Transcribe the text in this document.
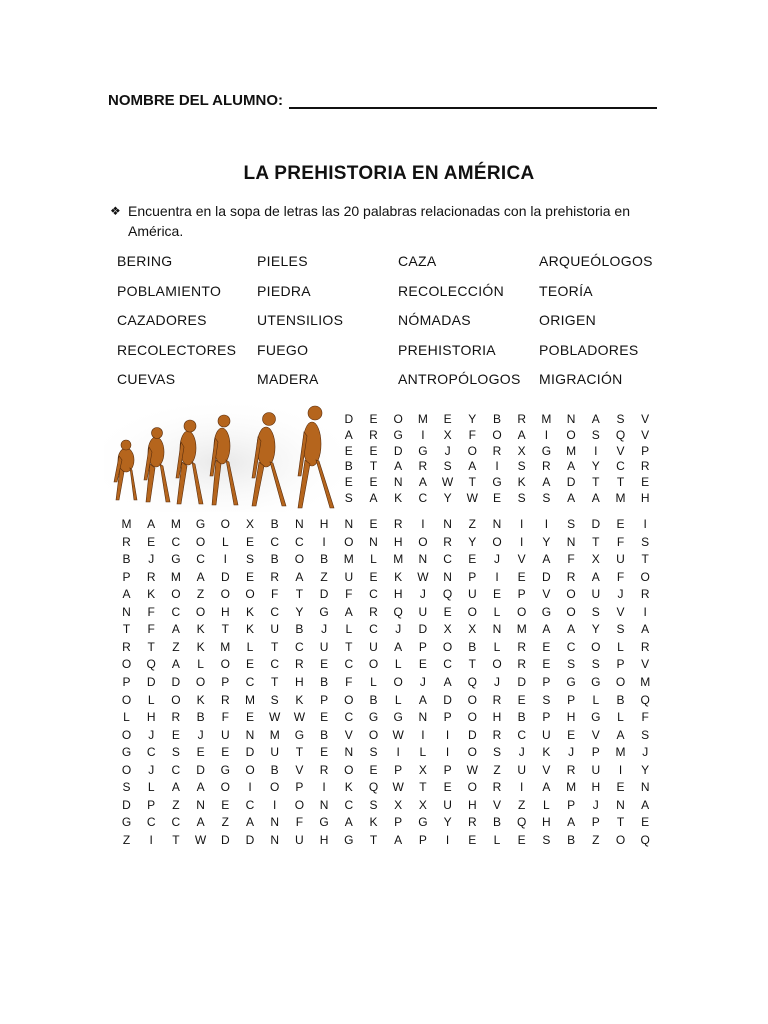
NOMBRE DEL ALUMNO:
LA PREHISTORIA EN AMÉRICA
❖ Encuentra en la sopa de letras las 20 palabras relacionadas con la prehistoria en América.
BERING	PIELES	CAZA	ARQUEÓLOGOS
POBLAMIENTO	PIEDRA	RECOLECCIÓN	TEORÍA
CAZADORES	UTENSILIOS	NÓMADAS	ORIGEN
RECOLECTORES	FUEGO	PREHISTORIA	POBLADORES
CUEVAS	MADERA	ANTROPÓLOGOS	MIGRACIÓN
D	E	O	M	E	Y	B	R	M	N	A	S	V
A	R	G	I	X	F	O	A	I	O	S	Q	V
E	E	D	G	J	O	R	X	G	M	I	V	P
B	T	A	R	S	A	I	S	R	A	Y	C	R
E	E	N	A	W	T	G	K	A	D	T	T	E
S	A	K	C	Y	W	E	S	S	A	A	M	H
M	A	M	G	O	X	B	N	H	N	E	R	I	N	Z	N	I	I	S	D	E	I
R	E	C	O	L	E	C	C	I	O	N	H	O	R	Y	O	I	Y	N	T	F	S
B	J	G	C	I	S	B	O	B	M	L	M	N	C	E	J	V	A	F	X	U	T
P	R	M	A	D	E	R	A	Z	U	E	K	W	N	P	I	E	D	R	A	F	O
A	K	O	Z	O	O	F	T	D	F	C	H	J	Q	U	E	P	V	O	U	J	R
N	F	C	O	H	K	C	Y	G	A	R	Q	U	E	O	L	O	G	O	S	V	I
T	F	A	K	T	K	U	B	J	L	C	J	D	X	X	N	M	A	A	Y	S	A
R	T	Z	K	M	L	T	C	U	T	U	A	P	O	B	L	R	E	C	O	L	R
O	Q	A	L	O	E	C	R	E	C	O	L	E	C	T	O	R	E	S	S	P	V
P	D	D	O	P	C	T	H	B	F	L	O	J	A	Q	J	D	P	G	G	O	M
O	L	O	K	R	M	S	K	P	O	B	L	A	D	O	R	E	S	P	L	B	Q
L	H	R	B	F	E	W	W	E	C	G	G	N	P	O	H	B	P	H	G	L	F
O	J	E	J	U	N	M	G	B	V	O	W	I	I	D	R	C	U	E	V	A	S
G	C	S	E	E	D	U	T	E	N	S	I	L	I	O	S	J	K	J	P	M	J
O	J	C	D	G	O	B	V	R	O	E	P	X	P	W	Z	U	V	R	U	I	Y
S	L	A	A	O	I	O	P	I	K	Q	W	T	E	O	R	I	A	M	H	E	N
D	P	Z	N	E	C	I	O	N	C	S	X	X	U	H	V	Z	L	P	J	N	A
G	C	C	A	Z	A	N	F	G	A	K	P	G	Y	R	B	Q	H	A	P	T	E
Z	I	T	W	D	D	N	U	H	G	T	A	P	I	E	L	E	S	B	Z	O	Q
